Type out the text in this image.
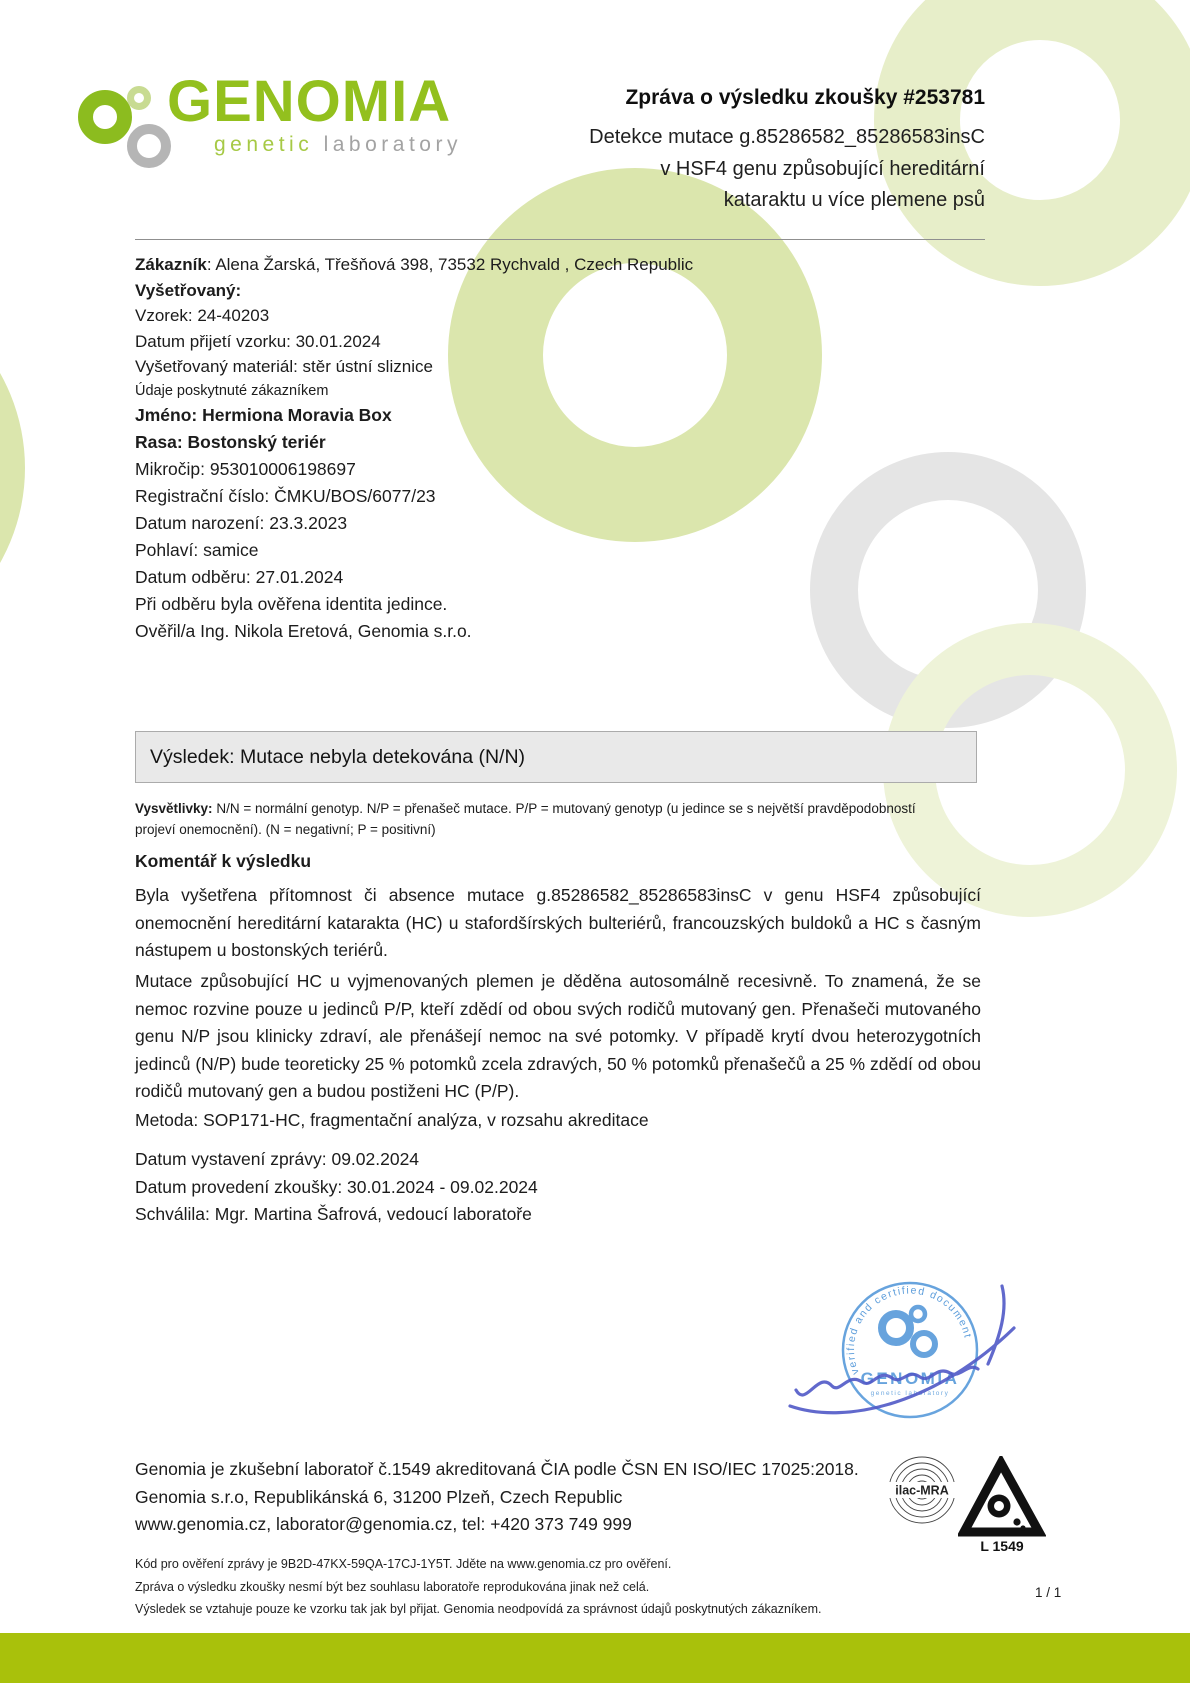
GENOMIA
genetic laboratory
Zpráva o výsledku zkoušky #253781
Detekce mutace g.85286582_85286583insC
v HSF4 genu způsobující hereditární
kataraktu u více plemene psů
Zákazník: Alena Žarská, Třešňová 398, 73532 Rychvald , Czech Republic
Vyšetřovaný:
Vzorek: 24-40203
Datum přijetí vzorku: 30.01.2024
Vyšetřovaný materiál: stěr ústní sliznice
Údaje poskytnuté zákazníkem
Jméno: Hermiona Moravia Box
Rasa: Bostonský teriér
Mikročip: 953010006198697
Registrační číslo: ČMKU/BOS/6077/23
Datum narození: 23.3.2023
Pohlaví: samice
Datum odběru: 27.01.2024
Při odběru byla ověřena identita jedince.
Ověřil/a Ing. Nikola Eretová, Genomia s.r.o.
Výsledek: Mutace nebyla detekována (N/N)
Vysvětlivky: N/N = normální genotyp. N/P = přenašeč mutace. P/P = mutovaný genotyp (u jedince se s největší pravděpodobností projeví onemocnění). (N = negativní; P = positivní)
Komentář k výsledku
Byla vyšetřena přítomnost či absence mutace g.85286582_85286583insC v genu HSF4 způsobující onemocnění hereditární katarakta (HC) u stafordšírských bulteriérů, francouzských buldoků a HC s časným nástupem u bostonských teriérů.
Mutace způsobující HC u vyjmenovaných plemen je děděna autosomálně recesivně. To znamená, že se nemoc rozvine pouze u jedinců P/P, kteří zdědí od obou svých rodičů mutovaný gen. Přenašeči mutovaného genu N/P jsou klinicky zdraví, ale přenášejí nemoc na své potomky. V případě krytí dvou heterozygotních jedinců (N/P) bude teoreticky 25 % potomků zcela zdravých, 50 % potomků přenašečů a 25 % zdědí od obou rodičů mutovaný gen a budou postiženi HC (P/P).
Metoda: SOP171-HC, fragmentační analýza, v rozsahu akreditace
Datum vystavení zprávy: 09.02.2024
Datum provedení zkoušky: 30.01.2024 - 09.02.2024
Schválila: Mgr. Martina Šafrová, vedoucí laboratoře
verified and certified document
GENOMIA
genetic laboratory
Genomia je zkušební laboratoř č.1549 akreditovaná ČIA podle ČSN EN ISO/IEC 17025:2018.
Genomia s.r.o, Republikánská 6, 31200 Plzeň, Czech Republic
www.genomia.cz, laborator@genomia.cz, tel: +420 373 749 999
ilac-MRA
L 1549
Kód pro ověření zprávy je 9B2D-47KX-59QA-17CJ-1Y5T. Jděte na www.genomia.cz pro ověření.
Zpráva o výsledku zkoušky nesmí být bez souhlasu laboratoře reprodukována jinak než celá.
Výsledek se vztahuje pouze ke vzorku tak jak byl přijat. Genomia neodpovídá za správnost údajů poskytnutých zákazníkem.
1 / 1
